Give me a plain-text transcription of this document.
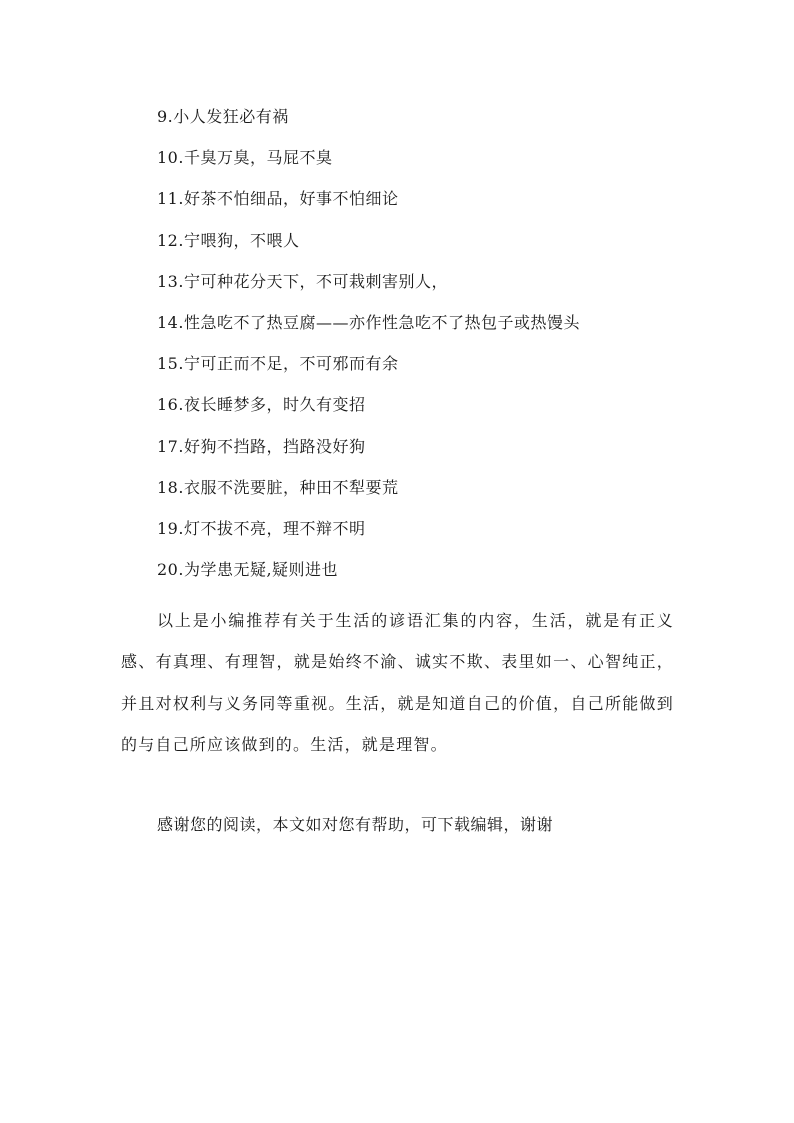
9.小人发狂必有祸
10.千臭万臭，马屁不臭
11.好茶不怕细品，好事不怕细论
12.宁喂狗，不喂人
13.宁可种花分天下，不可栽刺害别人，
14.性急吃不了热豆腐——亦作性急吃不了热包子或热馒头
15.宁可正而不足，不可邪而有余
16.夜长睡梦多，时久有变招
17.好狗不挡路，挡路没好狗
18.衣服不洗要脏，种田不犁要荒
19.灯不拔不亮，理不辩不明
20.为学患无疑,疑则进也

以上是小编推荐有关于生活的谚语汇集的内容，生活，就是有正义感、有真理、有理智，就是始终不渝、诚实不欺、表里如一、心智纯正，并且对权利与义务同等重视。生活，就是知道自己的价值，自己所能做到的与自己所应该做到的。生活，就是理智。

感谢您的阅读，本文如对您有帮助，可下载编辑，谢谢
